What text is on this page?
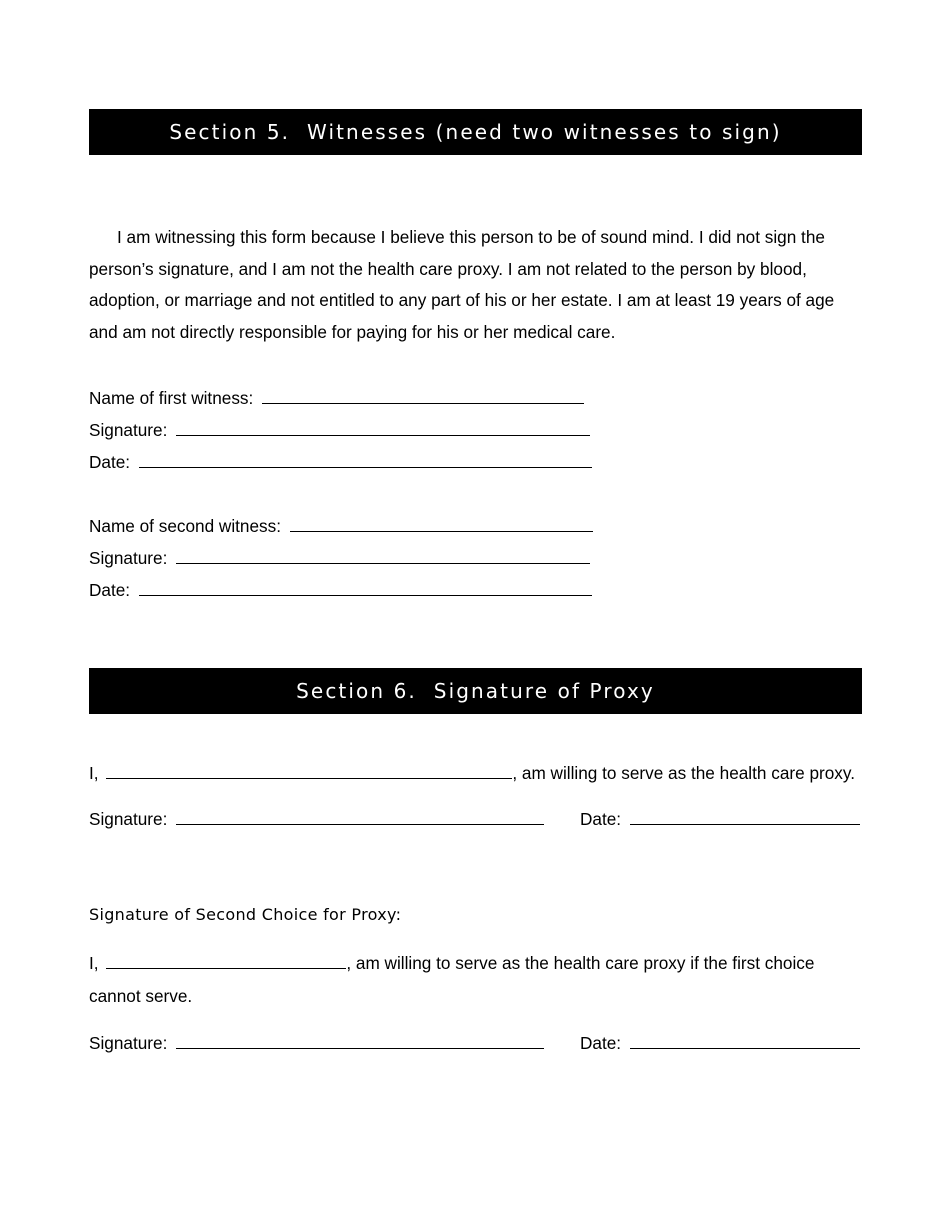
Section 5.  Witnesses (need two witnesses to sign)
I am witnessing this form because I believe this person to be of sound mind. I did not sign the person’s signature, and I am not the health care proxy. I am not related to the person by blood, adoption, or marriage and not entitled to any part of his or her estate. I am at least 19 years of age and am not directly responsible for paying for his or her medical care.
Name of first witness:
Signature:
Date:
Name of second witness:
Signature:
Date:
Section 6.  Signature of Proxy
I,	, am willing to serve as the health care proxy.
Signature:	Date:
Signature of Second Choice for Proxy:
I,	, am willing to serve as the health care proxy if the first choice cannot serve.
Signature:	Date:
